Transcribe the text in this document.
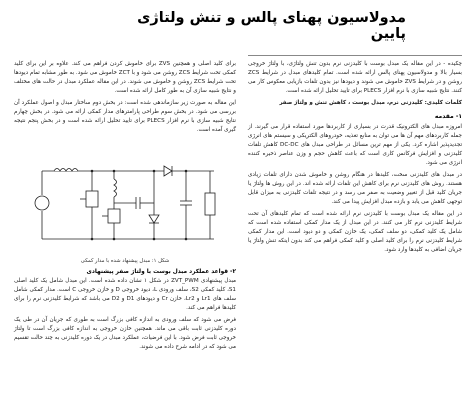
مدولاسیون پهنای پالس و تنش ولتاژی پایین

چکیده - در این مقاله یک مبدل بوست با کلیدزنی نرم بدون تنش ولتاژی، با ولتاژ خروجی بسیار بالا و مدولاسیون پهنای پالس ارائه شده است. تمام کلیدهای مبدل در شرایط ZCS روشن و در شرایط ZVS خاموش می شوند و دیودها نیز بدون تلفات بازیابی معکوس کار می کنند. نتایج شبیه سازی با نرم افزار PLECS برای تایید تحلیل ارائه شده است.

کلمات کلیدی: کلیدزنی نرم، مبدل بوست ، کاهش تنش و ولتاژ صفر

۱- مقدمه

امروزه مبدل های الکترونیک قدرت در بسیاری از کاربردها مورد استفاده قرار می گیرند. از جمله کاربردهای مهم آن ها می توان به منابع تغذیه، خودروهای الکتریکی و سیستم های انرژی تجدیدپذیر اشاره کرد. یکی از مهم ترین مسائل در طراحی مبدل های DC-DC کاهش تلفات کلیدزنی و افزایش فرکانس کاری است که باعث کاهش حجم و وزن عناصر ذخیره کننده انرژی می شود.

در مبدل های کلیدزنی سخت، کلیدها در هنگام روشن و خاموش شدن دارای تلفات زیادی هستند. روش های کلیدزنی نرم برای کاهش این تلفات ارائه شده اند. در این روش ها ولتاژ یا جریان کلید قبل از تغییر وضعیت به صفر می رسد و در نتیجه تلفات کلیدزنی به میزان قابل توجهی کاهش می یابد و بازده مبدل افزایش پیدا می کند.

در این مقاله یک مبدل بوست با کلیدزنی نرم ارائه شده است که تمام کلیدهای آن تحت شرایط کلیدزنی نرم کار می کنند. در این مبدل از یک مدار کمکی استفاده شده است که شامل یک کلید کمکی، دو سلف کمکی، یک خازن کمکی و دو دیود است. این مدار کمکی شرایط کلیدزنی نرم را برای کلید اصلی و کلید کمکی فراهم می کند بدون اینکه تنش ولتاژ یا جریان اضافی به کلیدها وارد شود.

برای کلید اصلی و همچنین ZVS برای خاموش کردن فراهم می کند. علاوه بر این برای کلید کمکی تحت شرایط ZCS روشن می شود و با ZCT خاموش می شود. به طور مشابه تمام دیودها تحت شرایط ZCS روشن و خاموش می شوند. در این مقاله عملکرد مبدل در حالت های مختلف و نتایج شبیه سازی آن به طور کامل ارائه شده است.

این مقاله به صورت زیر سازماندهی شده است: در بخش دوم ساختار مبدل و اصول عملکرد آن بررسی می شود. در بخش سوم طراحی پارامترهای مدار کمکی ارائه می شود. در بخش چهارم نتایج شبیه سازی با نرم افزار PLECS برای تایید تحلیل ارائه شده است و در بخش پنجم نتیجه گیری آمده است.

شکل ۱: مبدل پیشنهاد شده با مدار کمکی
۲- قواعد عملکرد مبدل بوست با ولتاژ صفر پیشنهادی

مبدل پیشنهادی ZVT_PWM در شکل ۱ نشان داده شده است. این مبدل شامل یک کلید اصلی S1، کلید کمکی S2، سلف ورودی L، دیود خروجی D و خازن خروجی C است. مدار کمکی شامل سلف های Lr1 و Lr2، خازن Cr و دیودهای D1 و D2 می باشد که شرایط کلیدزنی نرم را برای کلیدها فراهم می کند.

فرض می شود که سلف ورودی به اندازه کافی بزرگ است به طوری که جریان آن در طی یک دوره کلیدزنی ثابت باقی می ماند. همچنین خازن خروجی به اندازه کافی بزرگ است تا ولتاژ خروجی ثابت فرض شود. با این فرضیات، عملکرد مبدل در یک دوره کلیدزنی به چند حالت تقسیم می شود که در ادامه شرح داده می شوند.
